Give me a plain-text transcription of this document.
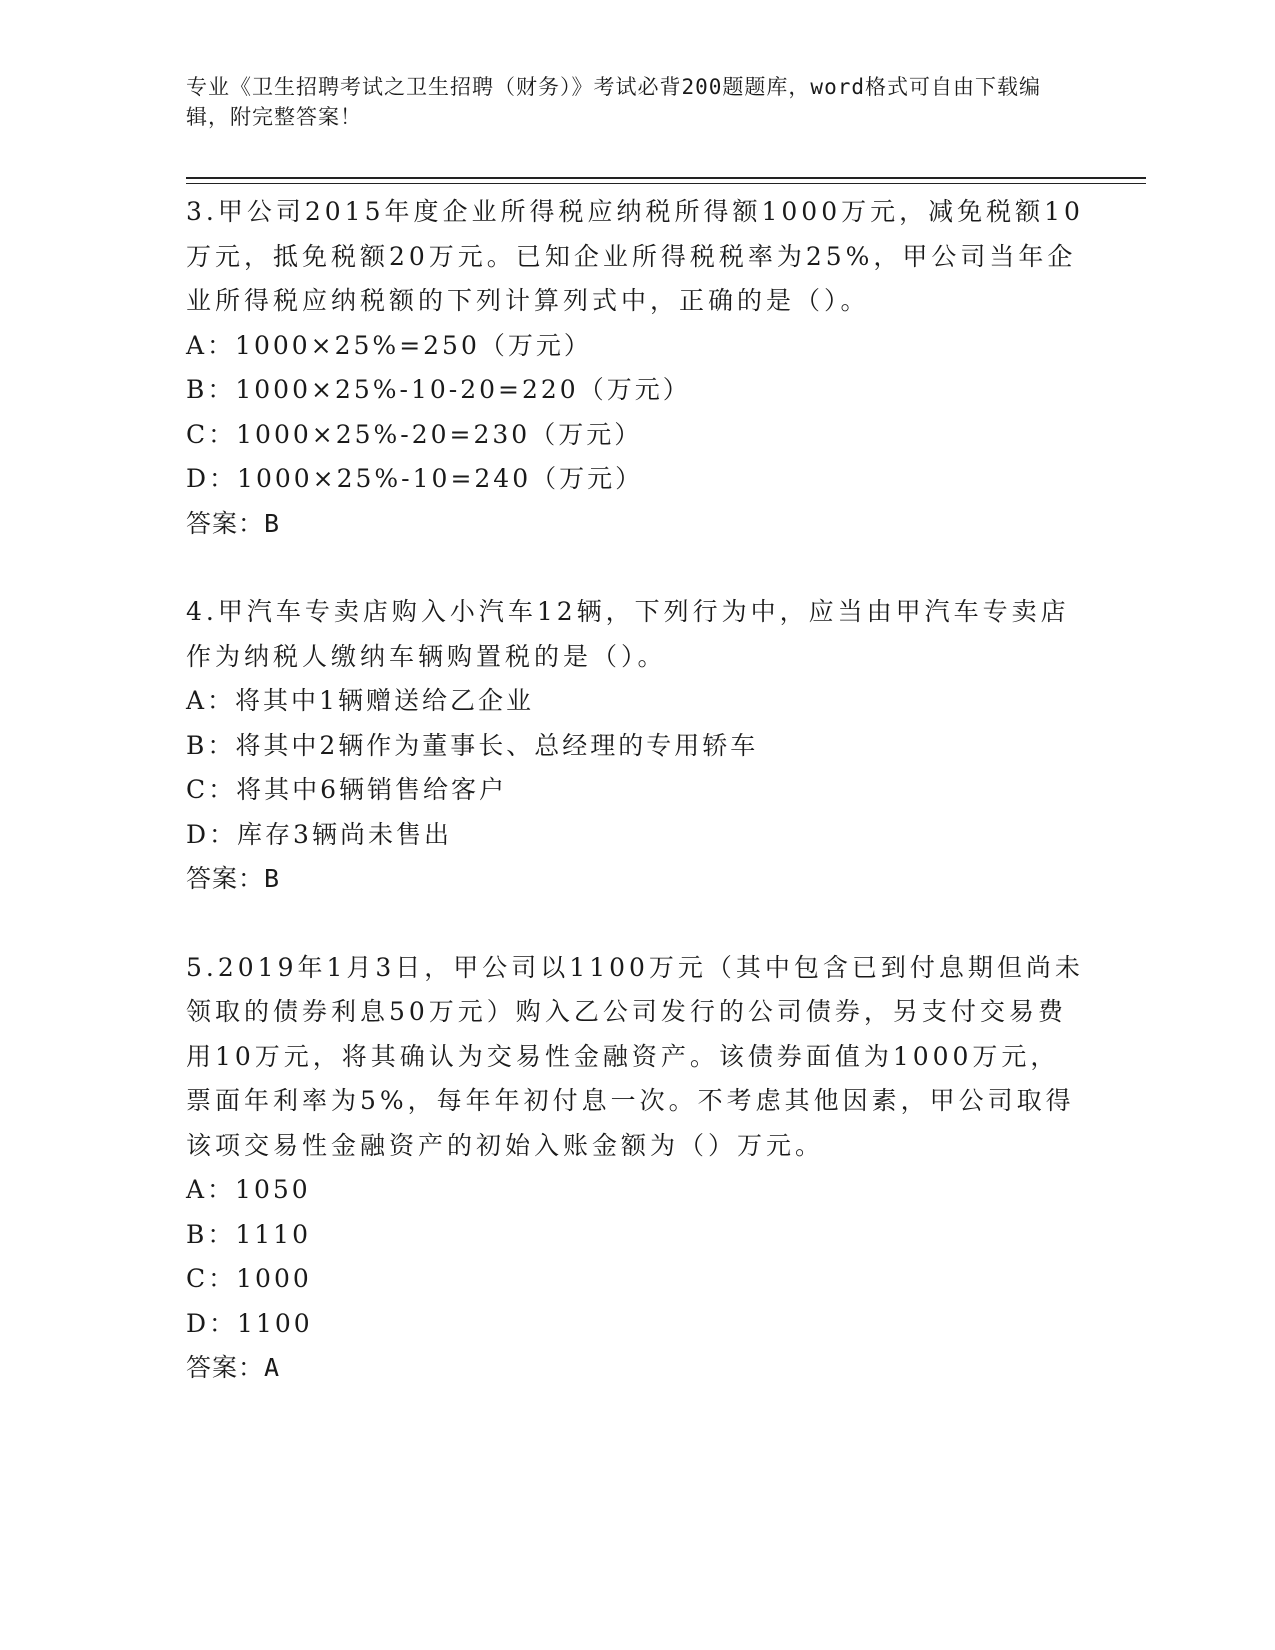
专业《卫生招聘考试之卫生招聘（财务）》考试必背200题题库，word格式可自由下载编辑，附完整答案！

3.甲公司2015年度企业所得税应纳税所得额1000万元，减免税额10万元，抵免税额20万元。已知企业所得税税率为25%，甲公司当年企业所得税应纳税额的下列计算列式中，正确的是（）。

A：1000×25%=250（万元）

B：1000×25%-10-20=220（万元）

C：1000×25%-20=230（万元）

D：1000×25%-10=240（万元）

答案：B

4.甲汽车专卖店购入小汽车12辆，下列行为中，应当由甲汽车专卖店作为纳税人缴纳车辆购置税的是（）。

A：将其中1辆赠送给乙企业

B：将其中2辆作为董事长、总经理的专用轿车

C：将其中6辆销售给客户

D：库存3辆尚未售出

答案：B

5.2019年1月3日，甲公司以1100万元（其中包含已到付息期但尚未领取的债券利息50万元）购入乙公司发行的公司债券，另支付交易费用10万元，将其确认为交易性金融资产。该债券面值为1000万元，票面年利率为5%，每年年初付息一次。不考虑其他因素，甲公司取得该项交易性金融资产的初始入账金额为（）万元。

A：1050

B：1110

C：1000

D：1100

答案：A
